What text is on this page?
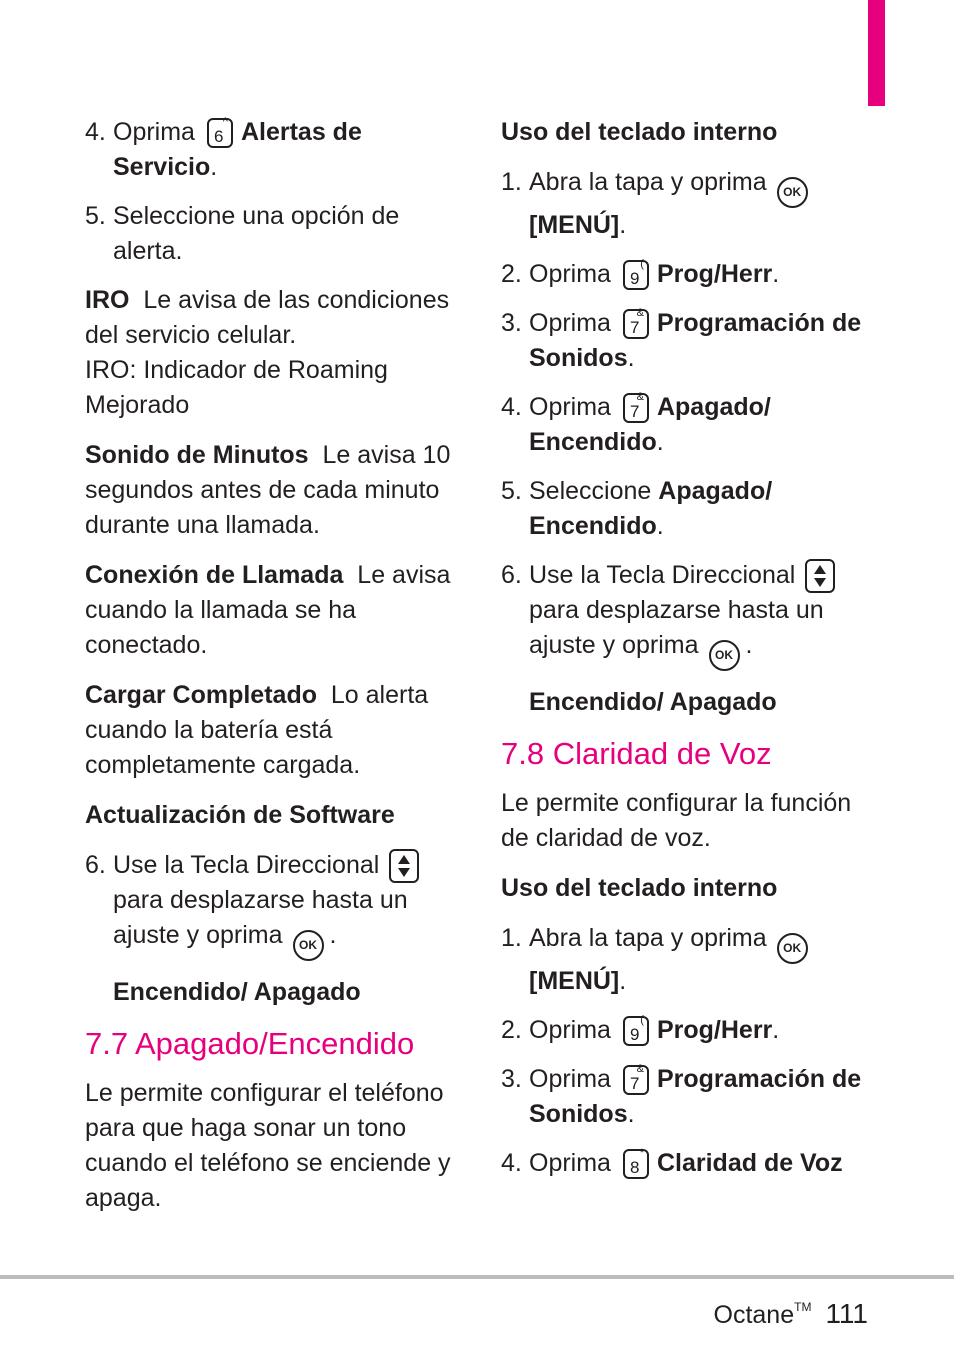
4. Oprima	^
6 Alertas de Servicio.
5. Seleccione una opción de alerta.
IRO Le avisa de las condiciones del servicio celular.
IRO: Indicador de Roaming Mejorado
Sonido de Minutos Le avisa 10 segundos antes de cada minuto durante una llamada.
Conexión de Llamada Le avisa cuando la llamada se ha conectado.
Cargar Completado Lo alerta cuando la batería está completamente cargada.
Actualización de Software
6. Use la Tecla Direccional
para desplazarse hasta un ajuste y oprima OK .
Encendido/ Apagado
7.7 Apagado/Encendido
Le permite configurar el teléfono para que haga sonar un tono cuando el teléfono se enciende y apaga.
Uso del teclado interno
1. Abra la tapa y oprima OK
[MENÚ].
2. Oprima	(
9 Prog/Herr.
3. Oprima &
7 Programación de Sonidos.
4. Oprima &
7 Apagado/ Encendido.
5. Seleccione Apagado/ Encendido.
6. Use la Tecla Direccional
para desplazarse hasta un ajuste y oprima OK .
Encendido/ Apagado
7.8 Claridad de Voz
Le permite configurar la función de claridad de voz.
Uso del teclado interno
1. Abra la tapa y oprima OK
[MENÚ].
2. Oprima	(
9 Prog/Herr.
3. Oprima &
7 Programación de Sonidos.
4. Oprima	*
8 Claridad de Voz
Octane™ 111
